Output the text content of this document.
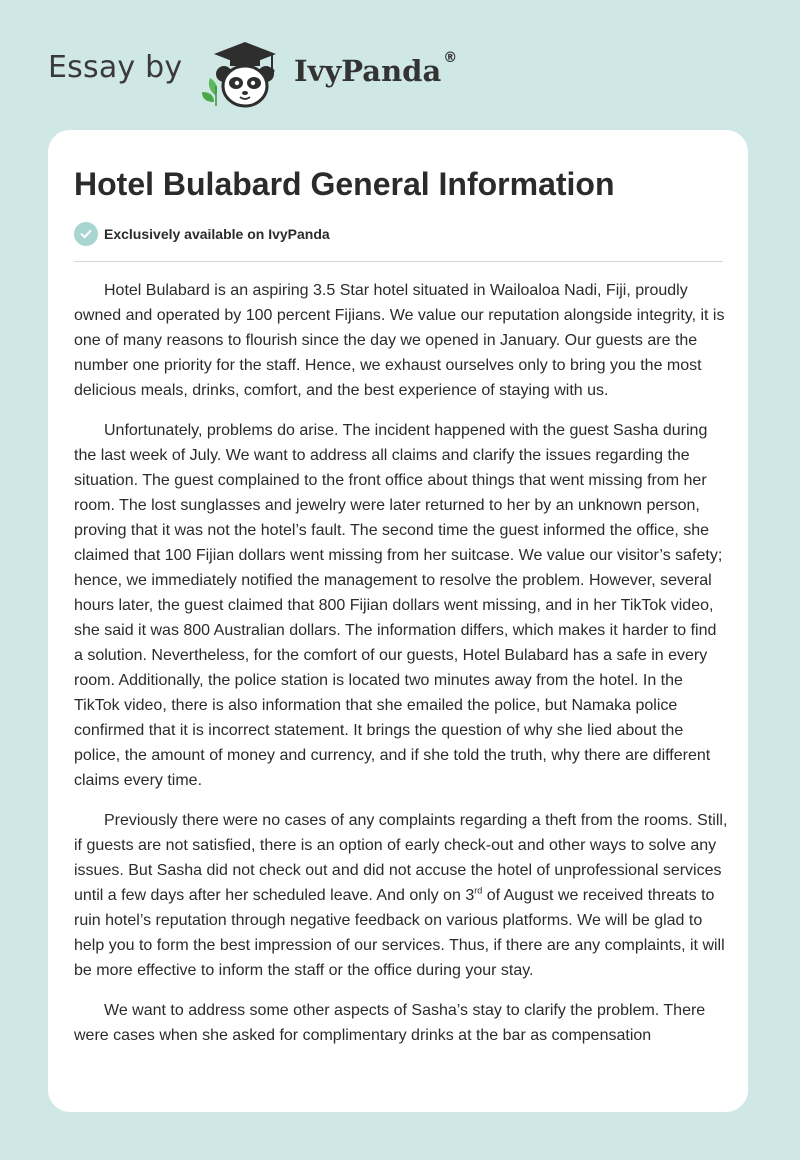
Essay by	IvyPanda ®
Hotel Bulabard General Information
Exclusively available on IvyPanda

Hotel Bulabard is an aspiring 3.5 Star hotel situated in Wailoaloa Nadi, Fiji, proudly owned and operated by 100 percent Fijians. We value our reputation alongside integrity, it is one of many reasons to flourish since the day we opened in January. Our guests are the number one priority for the staff. Hence, we exhaust ourselves only to bring you the most delicious meals, drinks, comfort, and the best experience of staying with us.

Unfortunately, problems do arise. The incident happened with the guest Sasha during the last week of July. We want to address all claims and clarify the issues regarding the situation. The guest complained to the front office about things that went missing from her room. The lost sunglasses and jewelry were later returned to her by an unknown person, proving that it was not the hotel’s fault. The second time the guest informed the office, she claimed that 100 Fijian dollars went missing from her suitcase. We value our visitor’s safety; hence, we immediately notified the management to resolve the problem. However, several hours later, the guest claimed that 800 Fijian dollars went missing, and in her TikTok video, she said it was 800 Australian dollars. The information differs, which makes it harder to find a solution. Nevertheless, for the comfort of our guests, Hotel Bulabard has a safe in every room. Additionally, the police station is located two minutes away from the hotel. In the TikTok video, there is also information that she emailed the police, but Namaka police confirmed that it is incorrect statement. It brings the question of why she lied about the police, the amount of money and currency, and if she told the truth, why there are different claims every time.

Previously there were no cases of any complaints regarding a theft from the rooms. Still, if guests are not satisfied, there is an option of early check-out and other ways to solve any issues. But Sasha did not check out and did not accuse the hotel of unprofessional services until a few days after her scheduled leave. And only on 3rd of August we received threats to ruin hotel’s reputation through negative feedback on various platforms. We will be glad to help you to form the best impression of our services. Thus, if there are any complaints, it will be more effective to inform the staff or the office during your stay.

We want to address some other aspects of Sasha’s stay to clarify the problem. There were cases when she asked for complimentary drinks at the bar as compensation
